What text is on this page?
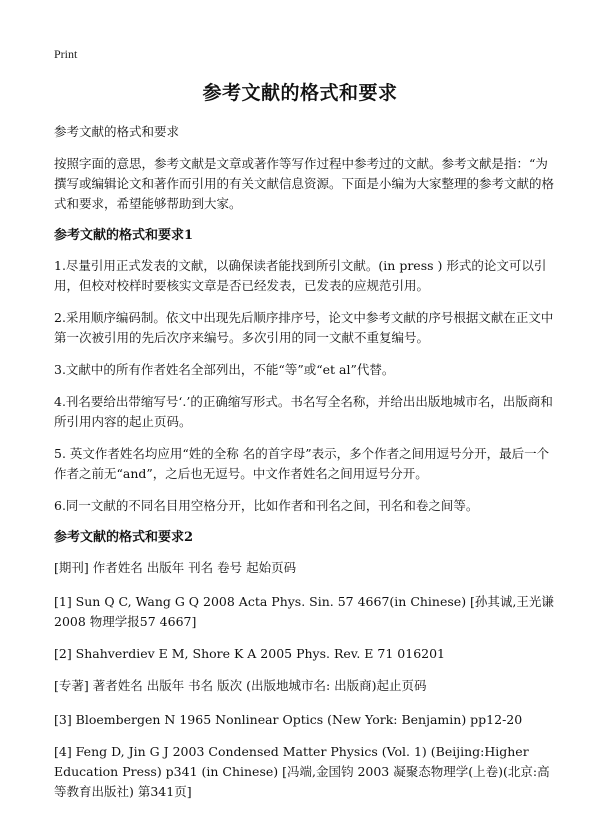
Print
参考文献的格式和要求

参考文献的格式和要求

按照字面的意思，参考文献是文章或著作等写作过程中参考过的文献。参考文献是指：“为撰写或编辑论文和著作而引用的有关文献信息资源。下面是小编为大家整理的参考文献的格式和要求，希望能够帮助到大家。

参考文献的格式和要求1

1.尽量引用正式发表的文献，以确保读者能找到所引文献。(in press ) 形式的论文可以引用，但校对校样时要核实文章是否已经发表，已发表的应规范引用。

2.采用顺序编码制。依文中出现先后顺序排序号，论文中参考文献的序号根据文献在正文中第一次被引用的先后次序来编号。多次引用的同一文献不重复编号。

3.文献中的所有作者姓名全部列出，不能“等”或“et al”代替。

4.刊名要给出带缩写号‘.’的正确缩写形式。书名写全名称，并给出出版地城市名，出版商和所引用内容的起止页码。

5. 英文作者姓名均应用“姓的全称 名的首字母”表示，多个作者之间用逗号分开，最后一个作者之前无“and”，之后也无逗号。中文作者姓名之间用逗号分开。

6.同一文献的不同名目用空格分开，比如作者和刊名之间，刊名和卷之间等。

参考文献的格式和要求2

[期刊] 作者姓名 出版年 刊名 卷号 起始页码

[1] Sun Q C, Wang G Q 2008 Acta Phys. Sin. 57 4667(in Chinese) [孙其诚,王光谦 2008 物理学报57 4667]

[2] Shahverdiev E M, Shore K A 2005 Phys. Rev. E 71 016201

[专著] 著者姓名 出版年 书名 版次 (出版地城市名: 出版商)起止页码

[3] Bloembergen N 1965 Nonlinear Optics (New York: Benjamin) pp12-20

[4] Feng D, Jin G J 2003 Condensed Matter Physics (Vol. 1) (Beijing:Higher Education Press) p341 (in Chinese) [冯端,金国钧 2003 凝聚态物理学(上卷)(北京:高等教育出版社) 第341页]
